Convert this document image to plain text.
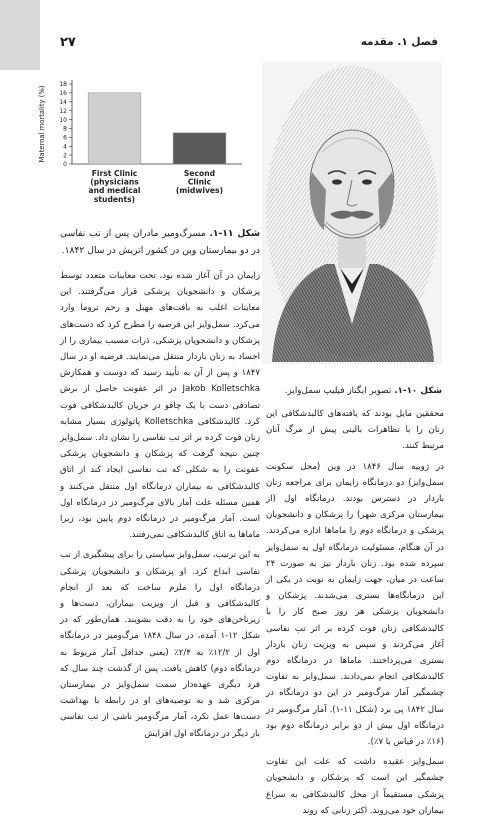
فصل ۱. مقدمه
۲۷
0
2
4
6
8
10
12
14
16
18
Maternal mortality (%)
First Clinic
(physicians
and medical
students)
Second
Clinic
(midwives)
شکل ۱۱-۱. مسرگ‌ومیر مادران پس از تب نفاسی در دو بیمارستان وین در کشور اتریش در سال ۱۸۴۲.

زایمان در آن آغاز شده بود، تحت معاینات متعدد توسط پزشکان و دانشجویان پزشکی قرار می‌گرفتند. این معاینات اغلب به بافت‌های مهبل و رحم تروما وارد می‌کرد. سمل‌وایز این فرضیه را مطرح کرد که دست‌های پزشکان و دانشجویان پزشکی، ذرات مسبب بیماری را از اجساد به زنان باردار منتقل می‌نمایند. فرضیه او در سال ۱۸۴۷ و پس از آن به تأیید رسید که دوست و همکارش Jakob Kolletschka در اثر عفونت حاصل از برش تصادفی دست با یک چاقو در جریان کالبدشکافی فوت کرد. کالبدشکافی Kolletschka پاتولوژی بسیار مشابه زنان فوت کرده بر اثر تب نفاسی را نشان داد. سمل‌وایز چنین نتیجه گرفت که پزشکان و دانشجویان پزشکی عفونت را به شکلی که تب نفاسی ایجاد کند از اتاق کالبدشکافی به بیماران درمانگاه اول منتقل می‌کنند و همین مسئله علت آمار بالای مرگ‌ومیر در درمانگاه اول است. آمار مرگ‌ومیر در درمانگاه دوم پایین بود، زیرا ماماها به اتاق کالبدشکافی نمی‌رفتند.

به این ترتیب، سمل‌وایز سیاستی را برای پیشگیری از تب نفاسی ابداع کرد. او پزشکان و دانشجویان پزشکی درمانگاه اول را ملزم ساخت که بعد از انجام کالبدشکافی و قبل از ویزیت بیماران، دست‌ها و زیرناخن‌های خود را به دقت بشویند. همان‌طور که در شکل ۱۲-۱ آمده، در سال ۱۸۴۸ مرگ‌ومیر در درمانگاه اول از ۱۲/۲٪ به ۲/۴٪ (یعنی حداقل آمار مربوط به درمانگاه دوم) کاهش یافت. پس از گذشت چند سال که فرد دیگری عهده‌دار سمت سمل‌وایز در بیمارستان مرکزی شد و به توصیه‌های او در رابطه با بهداشت دست‌ها عمل نکرد، آمار مرگ‌ومیر ناشی از تب نفاسی بار دیگر در درمانگاه اول افزایش

شکل ۱۰-۱. تصویر ایگناز فیلیپ سمل‌وایز.

محققین مایل بودند که یافته‌های کالبدشکافی این زنان را با تظاهرات بالینی پیش از مرگ آنان مرتبط کنند.

در ژوییه سال ۱۸۴۶ در وین (محل سکونت سمل‌وایز) دو درمانگاه زایمان برای مراجعه زنان باردار در دسترس بودند. درمانگاه اول (از بیمارستان مرکزی شهر) را پزشکان و دانشجویان پزشکی و درمانگاه دوم را ماماها اداره می‌کردند. در آن هنگام، مسئولیت درمانگاه اول به سمل‌وایز سپرده شده بود. زنان باردار نیز به صورت ۲۴ ساعت در میان، جهت زایمان به نوبت در یکی از این درمانگاه‌ها بستری می‌شدند. پزشکان و دانشجویان پزشکی هر روز صبح کار را با کالبدشکافی زنان فوت کرده بر اثر تب نفاسی آغاز می‌کردند و سپس به ویزیت زنان باردار بستری می‌پرداختند. ماماها در درمانگاه دوم کالبدشکافی انجام نمی‌دادند. سمل‌وایز به تفاوت چشمگیر آمار مرگ‌ومیر در این دو درمانگاه در سال ۱۸۴۲ پی برد (شکل ۱۱-۱). آمار مرگ‌ومیر در درمانگاه اول بیش از دو برابر درمانگاه دوم بود (۱۶٪ در قیاس با ۷٪).

سمل‌وایز عقیده داشت که علت این تفاوت چشمگیر این است که پزشکان و دانشجویان پزشکی مستقیماً از محل کالبدشکافی به سراغ بیماران خود می‌روند. اکثر زنانی که روند
